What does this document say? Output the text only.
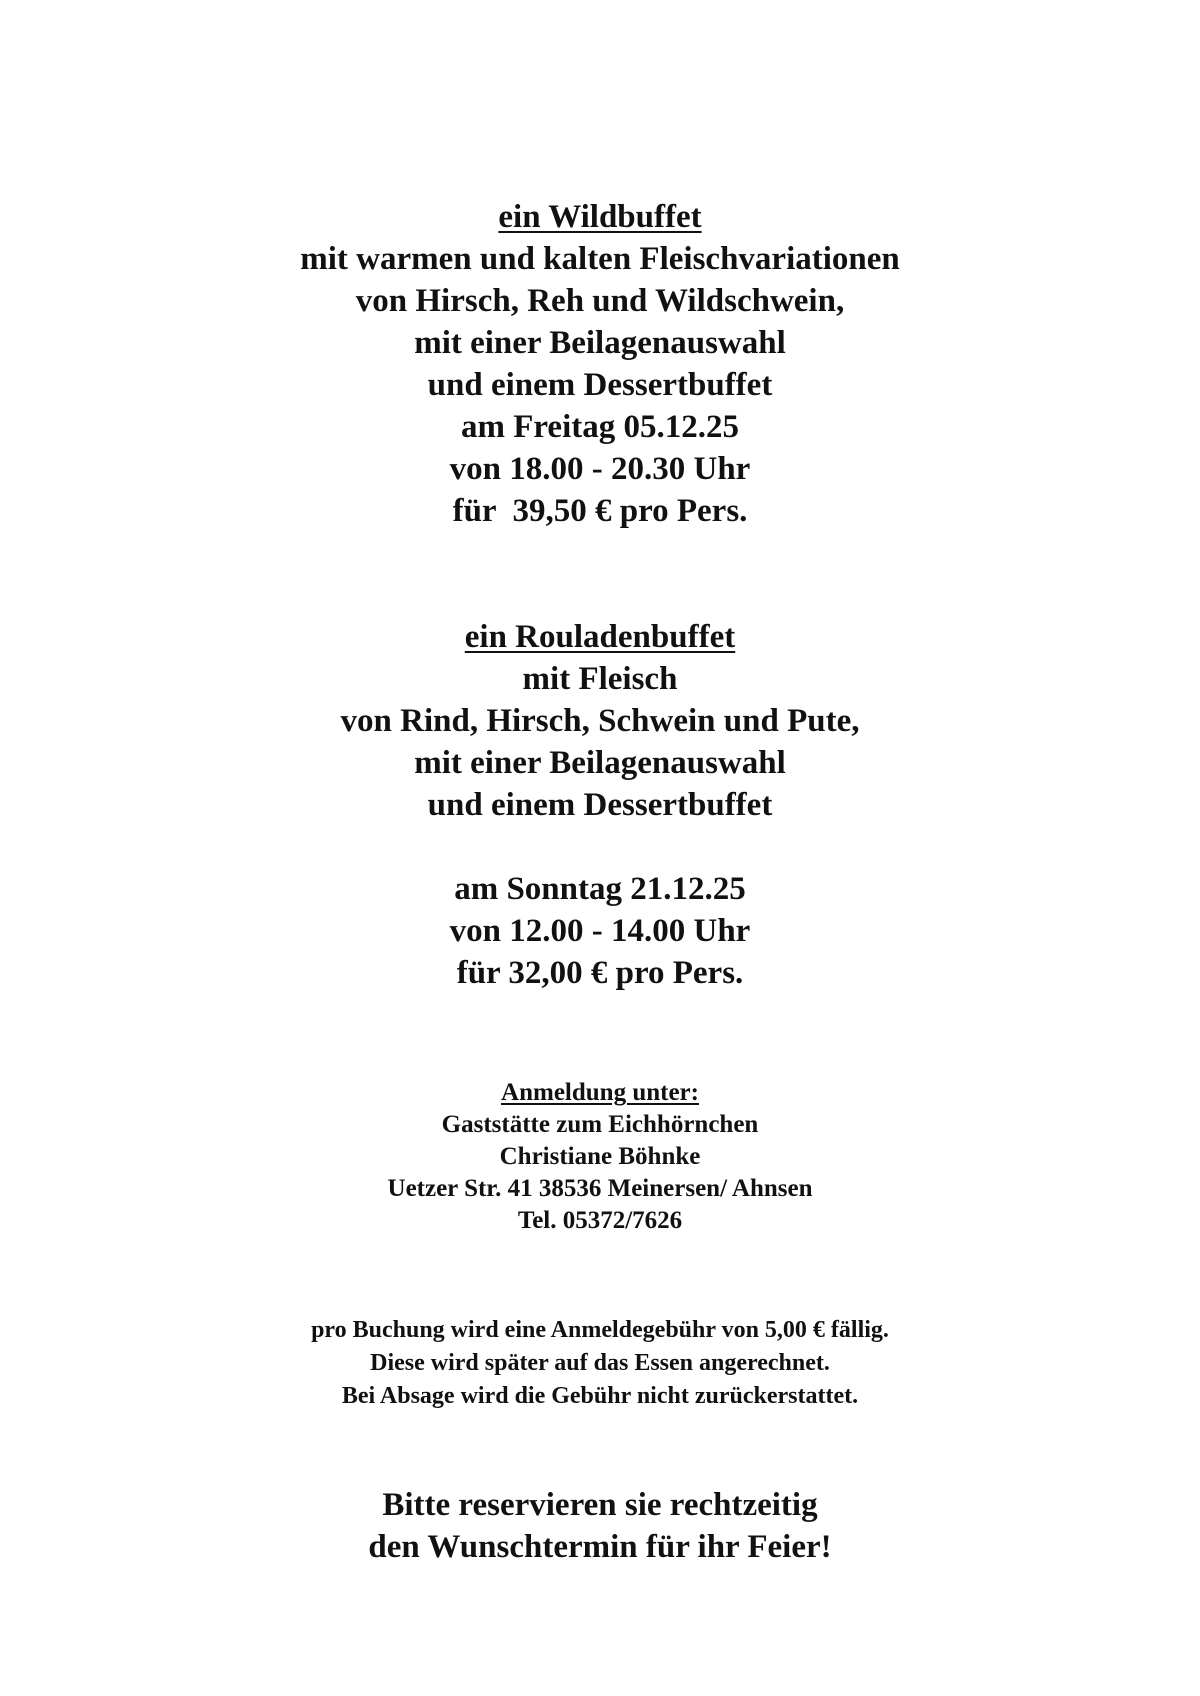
ein Wildbuffet
mit warmen und kalten Fleischvariationen
von Hirsch, Reh und Wildschwein,
mit einer Beilagenauswahl
und einem Dessertbuffet
am Freitag 05.12.25
von 18.00 - 20.30 Uhr
für  39,50 € pro Pers.
ein Rouladenbuffet
mit Fleisch
von Rind, Hirsch, Schwein und Pute,
mit einer Beilagenauswahl
und einem Dessertbuffet
am Sonntag 21.12.25
von 12.00 - 14.00 Uhr
für 32,00 € pro Pers.
Anmeldung unter:
Gaststätte zum Eichhörnchen
Christiane Böhnke
Uetzer Str. 41 38536 Meinersen/ Ahnsen
Tel. 05372/7626
pro Buchung wird eine Anmeldegebühr von 5,00 € fällig.
Diese wird später auf das Essen angerechnet.
Bei Absage wird die Gebühr nicht zurückerstattet.
Bitte reservieren sie rechtzeitig
den Wunschtermin für ihr Feier!
